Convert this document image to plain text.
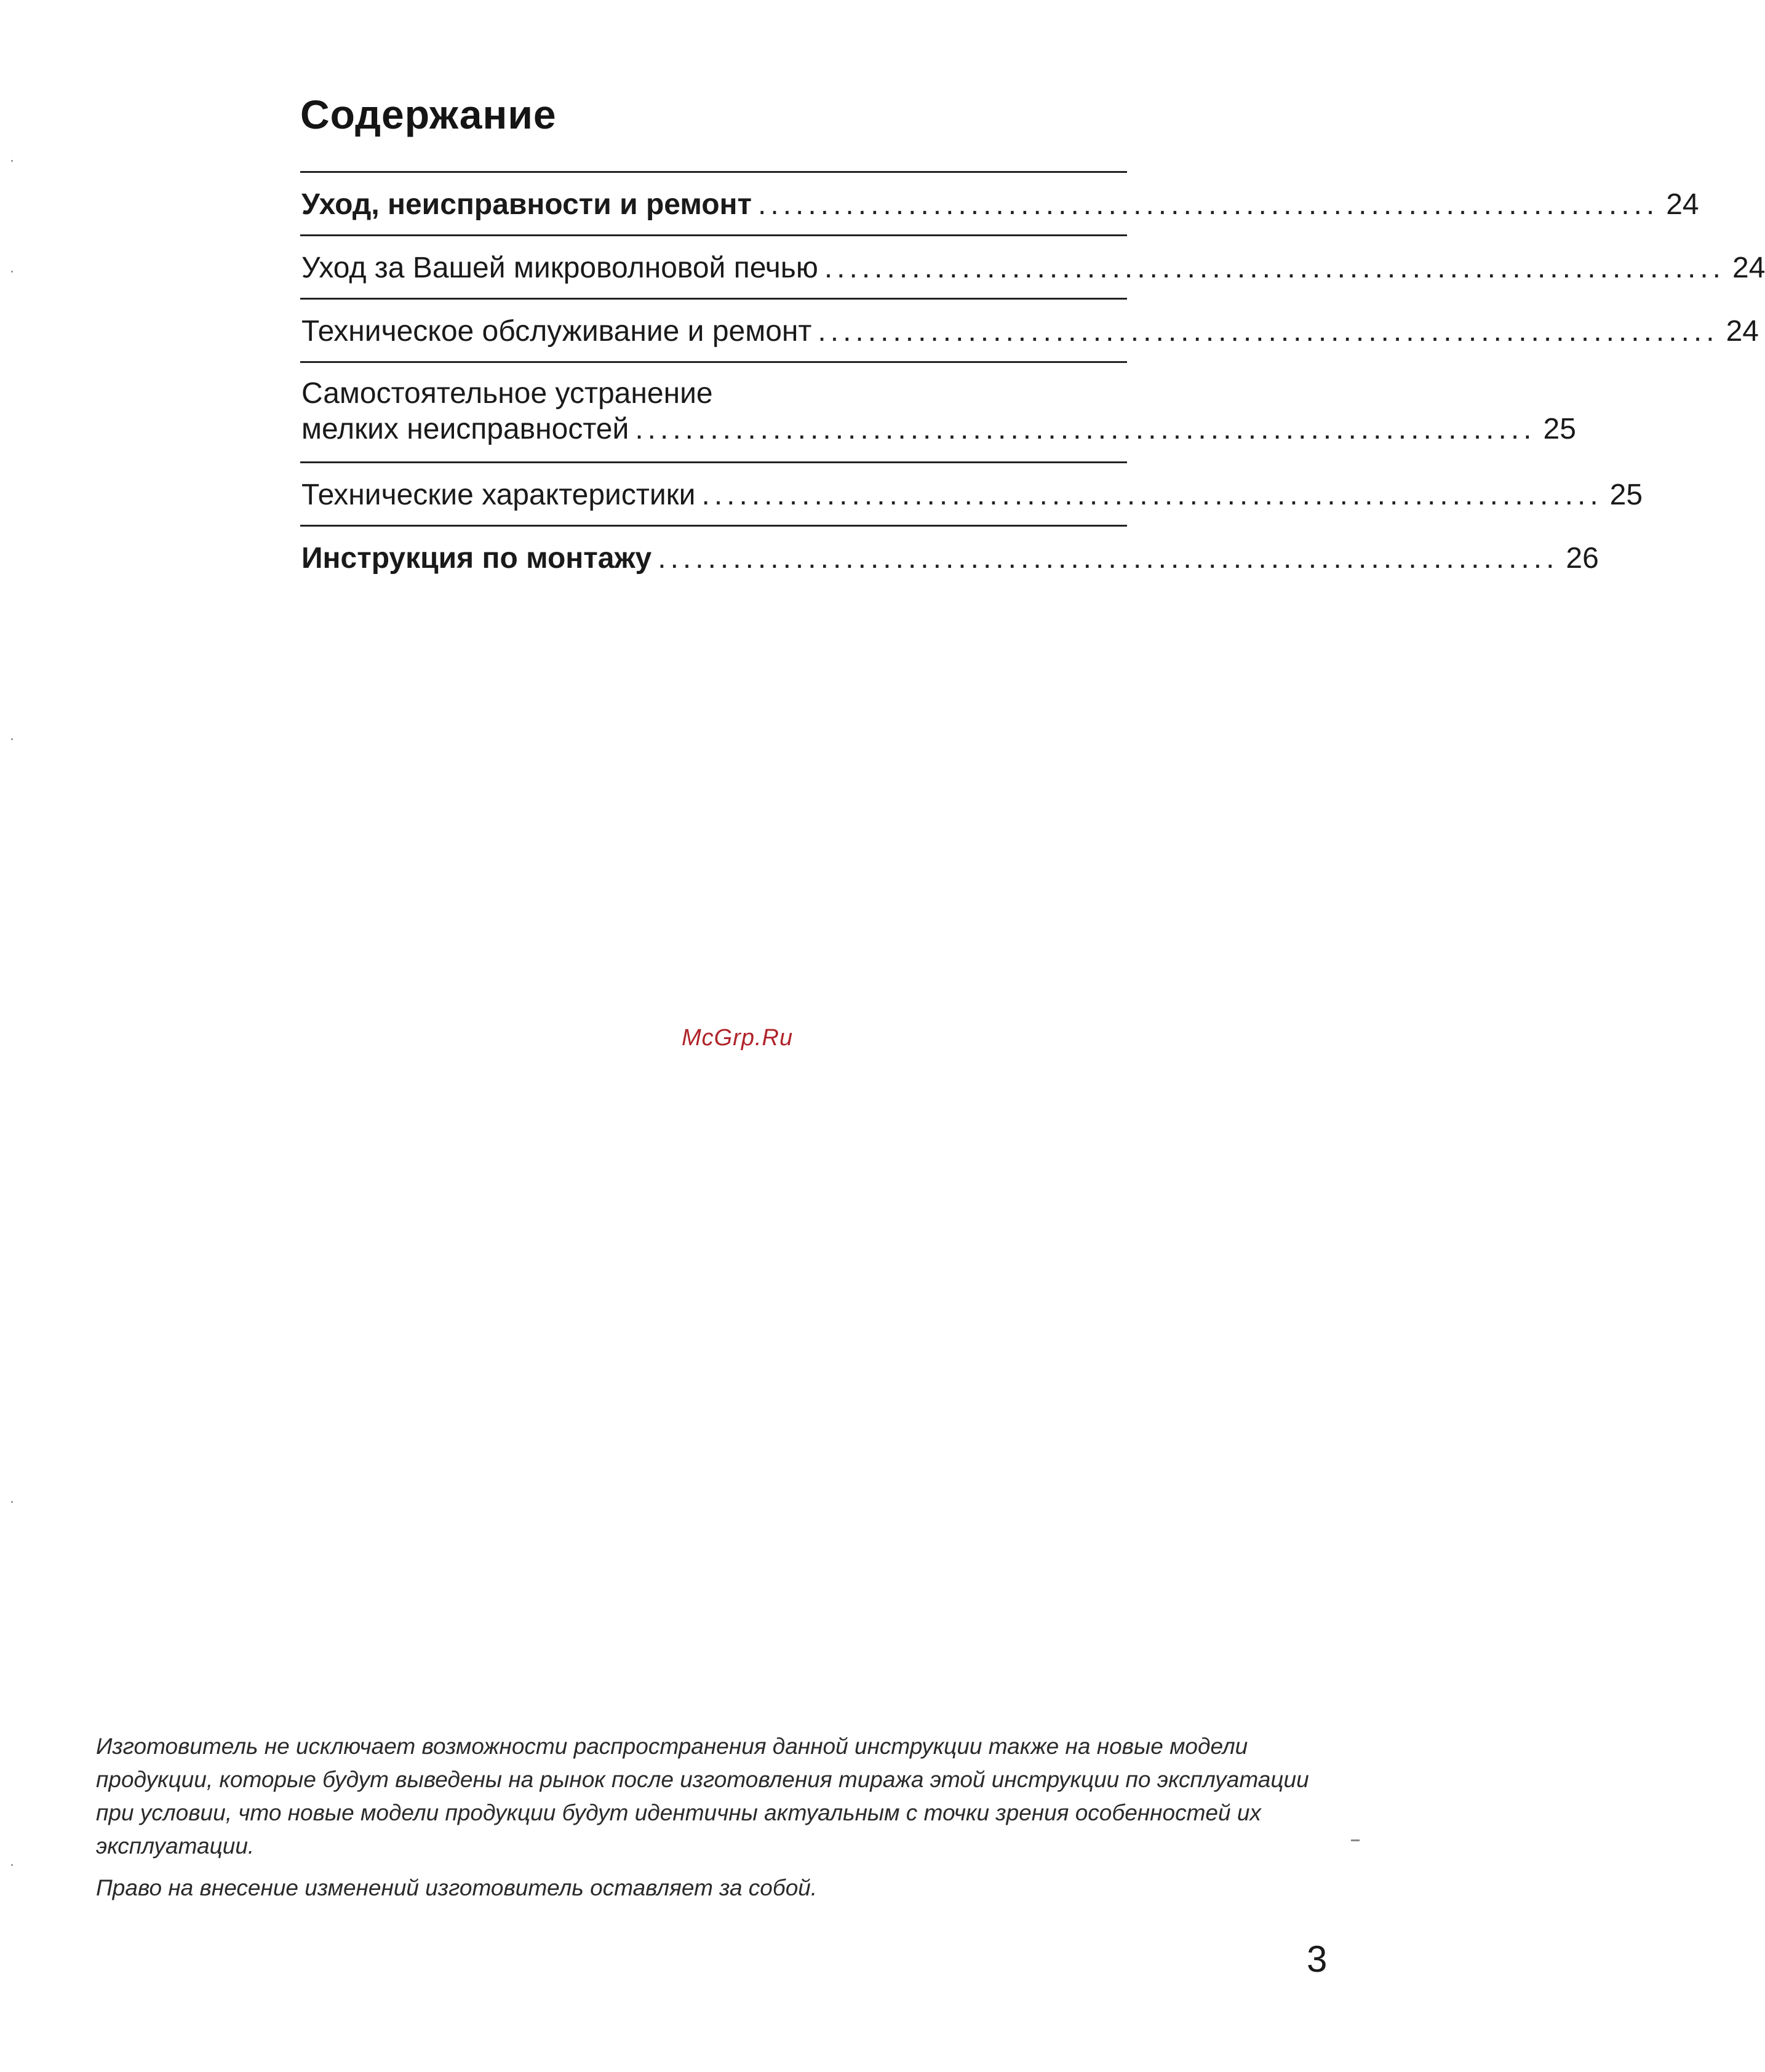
Содержание
Уход, неисправности и ремонт ........................................................................ 24
Уход за Вашей микроволновой печью ........................................................................ 24
Техническое обслуживание и ремонт ........................................................................ 24
Самостоятельное устранение
мелких неисправностей ........................................................................ 25
Технические характеристики ........................................................................ 25
Инструкция по монтажу ........................................................................ 26
McGrp.Ru

Изготовитель не исключает возможности распространения данной инструкции также на новые модели продукции, которые будут выведены на рынок после изготовления тиража этой инструкции по эксплуатации при условии, что новые модели продукции будут идентичны актуальным с точки зрения особенностей их эксплуатации.

Право на внесение изменений изготовитель оставляет за собой.

3
